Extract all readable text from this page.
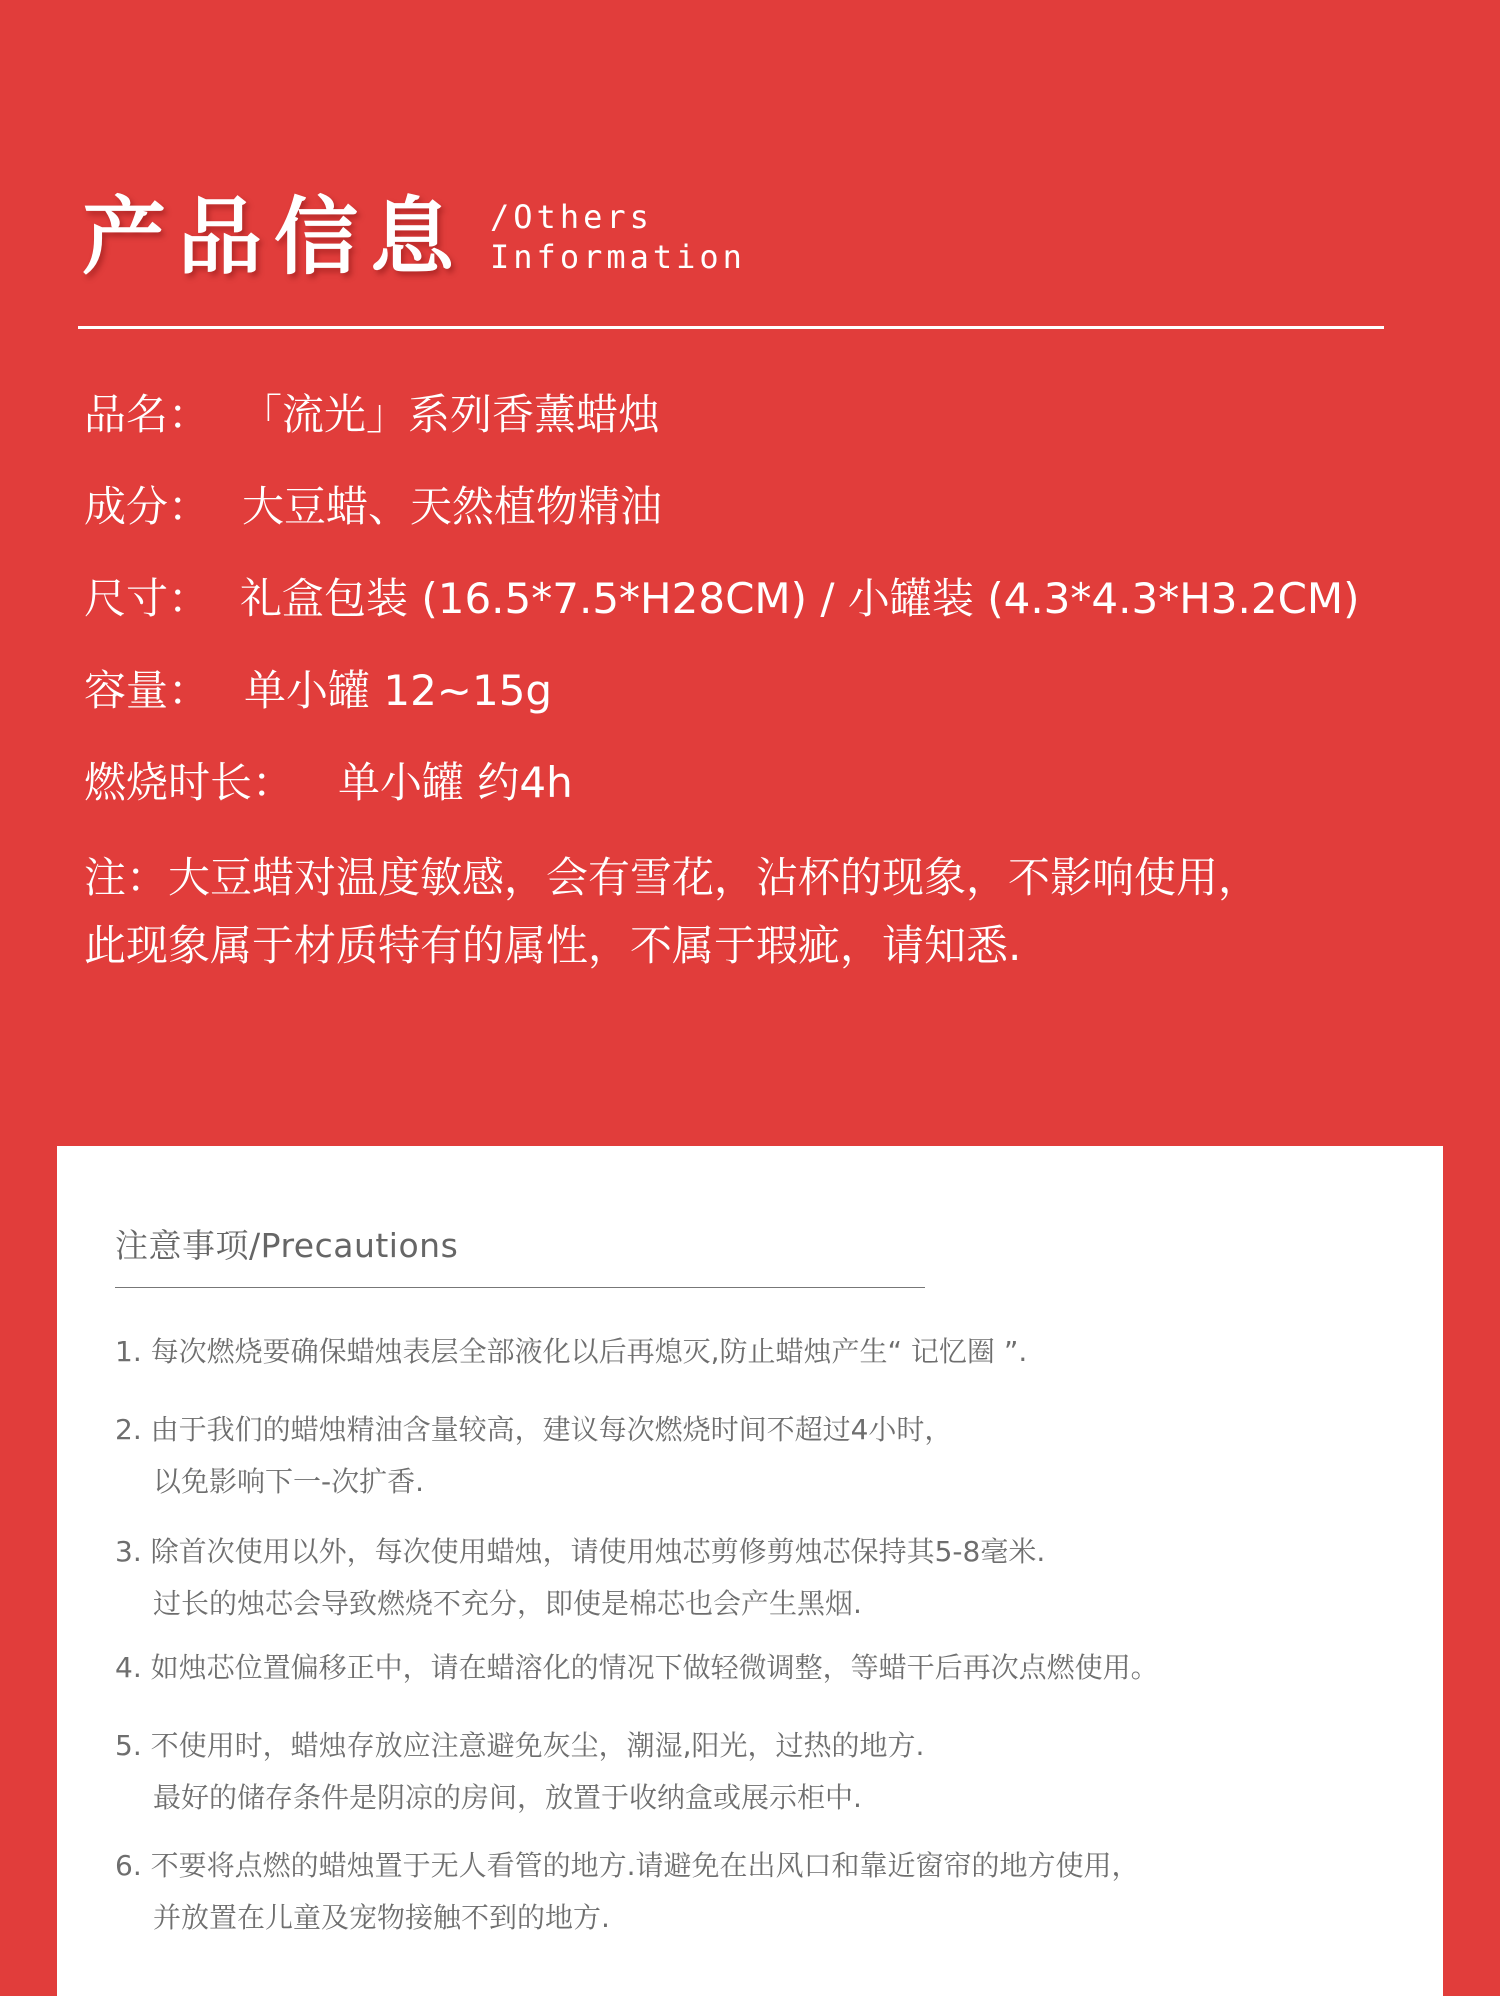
产品信息 /Others
Information
品名： 「流光」系列香薰蜡烛
成分： 大豆蜡、天然植物精油
尺寸： 礼盒包装 (16.5*7.5*H28CM) / 小罐装 (4.3*4.3*H3.2CM)
容量： 单小罐 12~15g
燃烧时长： 单小罐 约4h
注：大豆蜡对温度敏感，会有雪花，沾杯的现象，不影响使用，
此现象属于材质特有的属性，不属于瑕疵，请知悉.
注意事项/Precautions
1. 每次燃烧要确保蜡烛表层全部液化以后再熄灭,防止蜡烛产生“ 记忆圈 ”.
2. 由于我们的蜡烛精油含量较高，建议每次燃烧时间不超过4小时，
以免影响下一-次扩香.
3. 除首次使用以外，每次使用蜡烛，请使用烛芯剪修剪烛芯保持其5-8毫米.
过长的烛芯会导致燃烧不充分，即使是棉芯也会产生黑烟.
4. 如烛芯位置偏移正中，请在蜡溶化的情况下做轻微调整，等蜡干后再次点燃使用。
5. 不使用时，蜡烛存放应注意避免灰尘，潮湿,阳光，过热的地方.
最好的储存条件是阴凉的房间，放置于收纳盒或展示柜中.
6. 不要将点燃的蜡烛置于无人看管的地方.请避免在出风口和靠近窗帘的地方使用，
并放置在儿童及宠物接触不到的地方.
